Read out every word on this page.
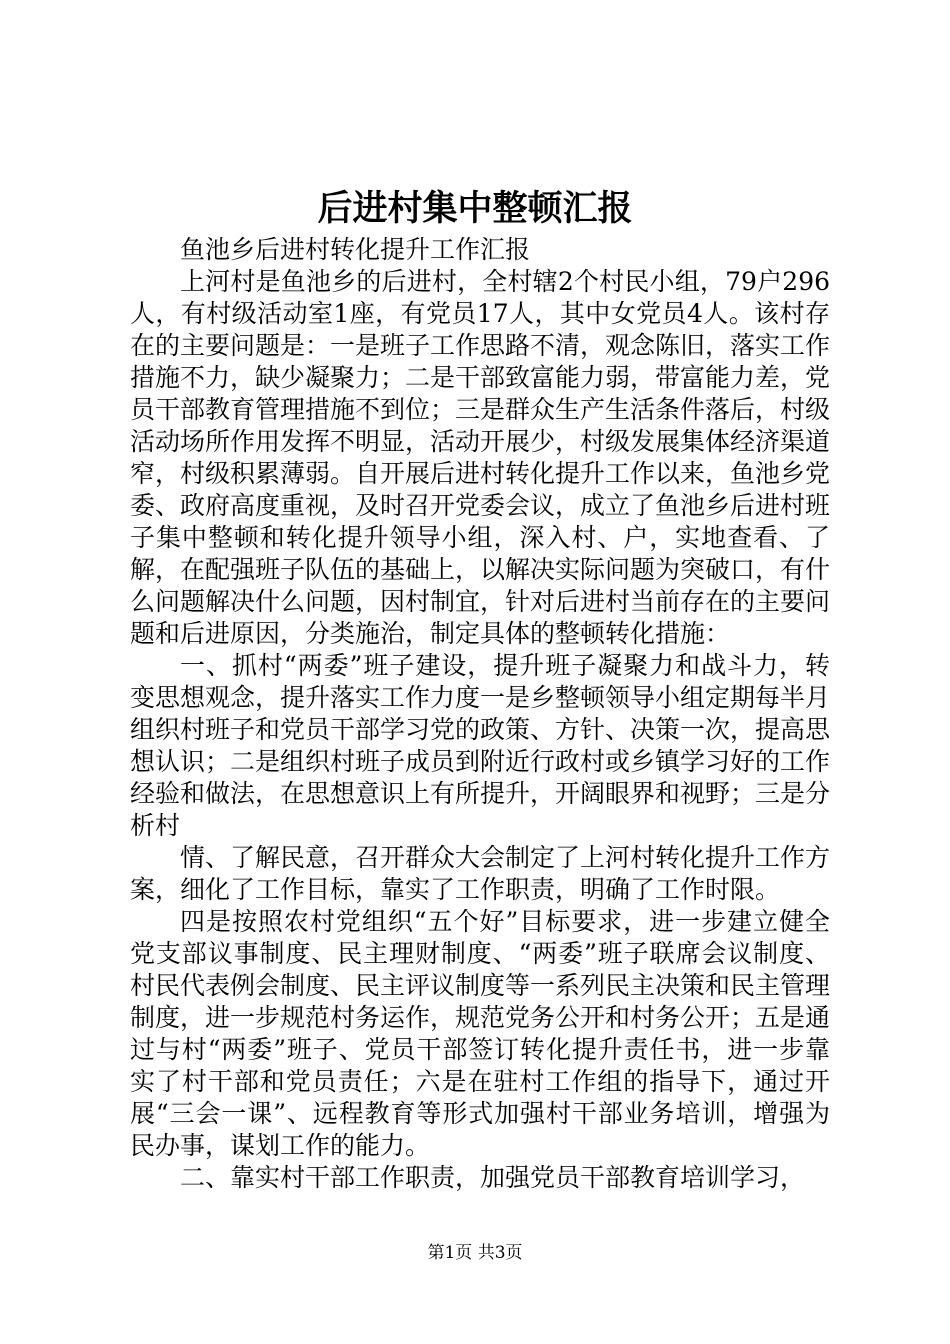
后进村集中整顿汇报

鱼池乡后进村转化提升工作汇报

上河村是鱼池乡的后进村，全村辖2个村民小组，79户296人，有村级活动室1座，有党员17人，其中女党员4人。该村存在的主要问题是：一是班子工作思路不清，观念陈旧，落实工作措施不力，缺少凝聚力；二是干部致富能力弱，带富能力差，党员干部教育管理措施不到位；三是群众生产生活条件落后，村级活动场所作用发挥不明显，活动开展少，村级发展集体经济渠道窄，村级积累薄弱。自开展后进村转化提升工作以来，鱼池乡党委、政府高度重视，及时召开党委会议，成立了鱼池乡后进村班子集中整顿和转化提升领导小组，深入村、户，实地查看、了解，在配强班子队伍的基础上，以解决实际问题为突破口，有什么问题解决什么问题，因村制宜，针对后进村当前存在的主要问题和后进原因，分类施治，制定具体的整顿转化措施：

一、抓村“两委”班子建设，提升班子凝聚力和战斗力，转变思想观念，提升落实工作力度一是乡整顿领导小组定期每半月组织村班子和党员干部学习党的政策、方针、决策一次，提高思想认识；二是组织村班子成员到附近行政村或乡镇学习好的工作经验和做法，在思想意识上有所提升，开阔眼界和视野；三是分析村

情、了解民意，召开群众大会制定了上河村转化提升工作方案，细化了工作目标，靠实了工作职责，明确了工作时限。

四是按照农村党组织“五个好”目标要求，进一步建立健全党支部议事制度、民主理财制度、“两委”班子联席会议制度、村民代表例会制度、民主评议制度等一系列民主决策和民主管理制度，进一步规范村务运作，规范党务公开和村务公开；五是通过与村“两委”班子、党员干部签订转化提升责任书，进一步靠实了村干部和党员责任；六是在驻村工作组的指导下，通过开展“三会一课”、远程教育等形式加强村干部业务培训，增强为民办事，谋划工作的能力。

二、靠实村干部工作职责，加强党员干部教育培训学习，

第1页 共3页
